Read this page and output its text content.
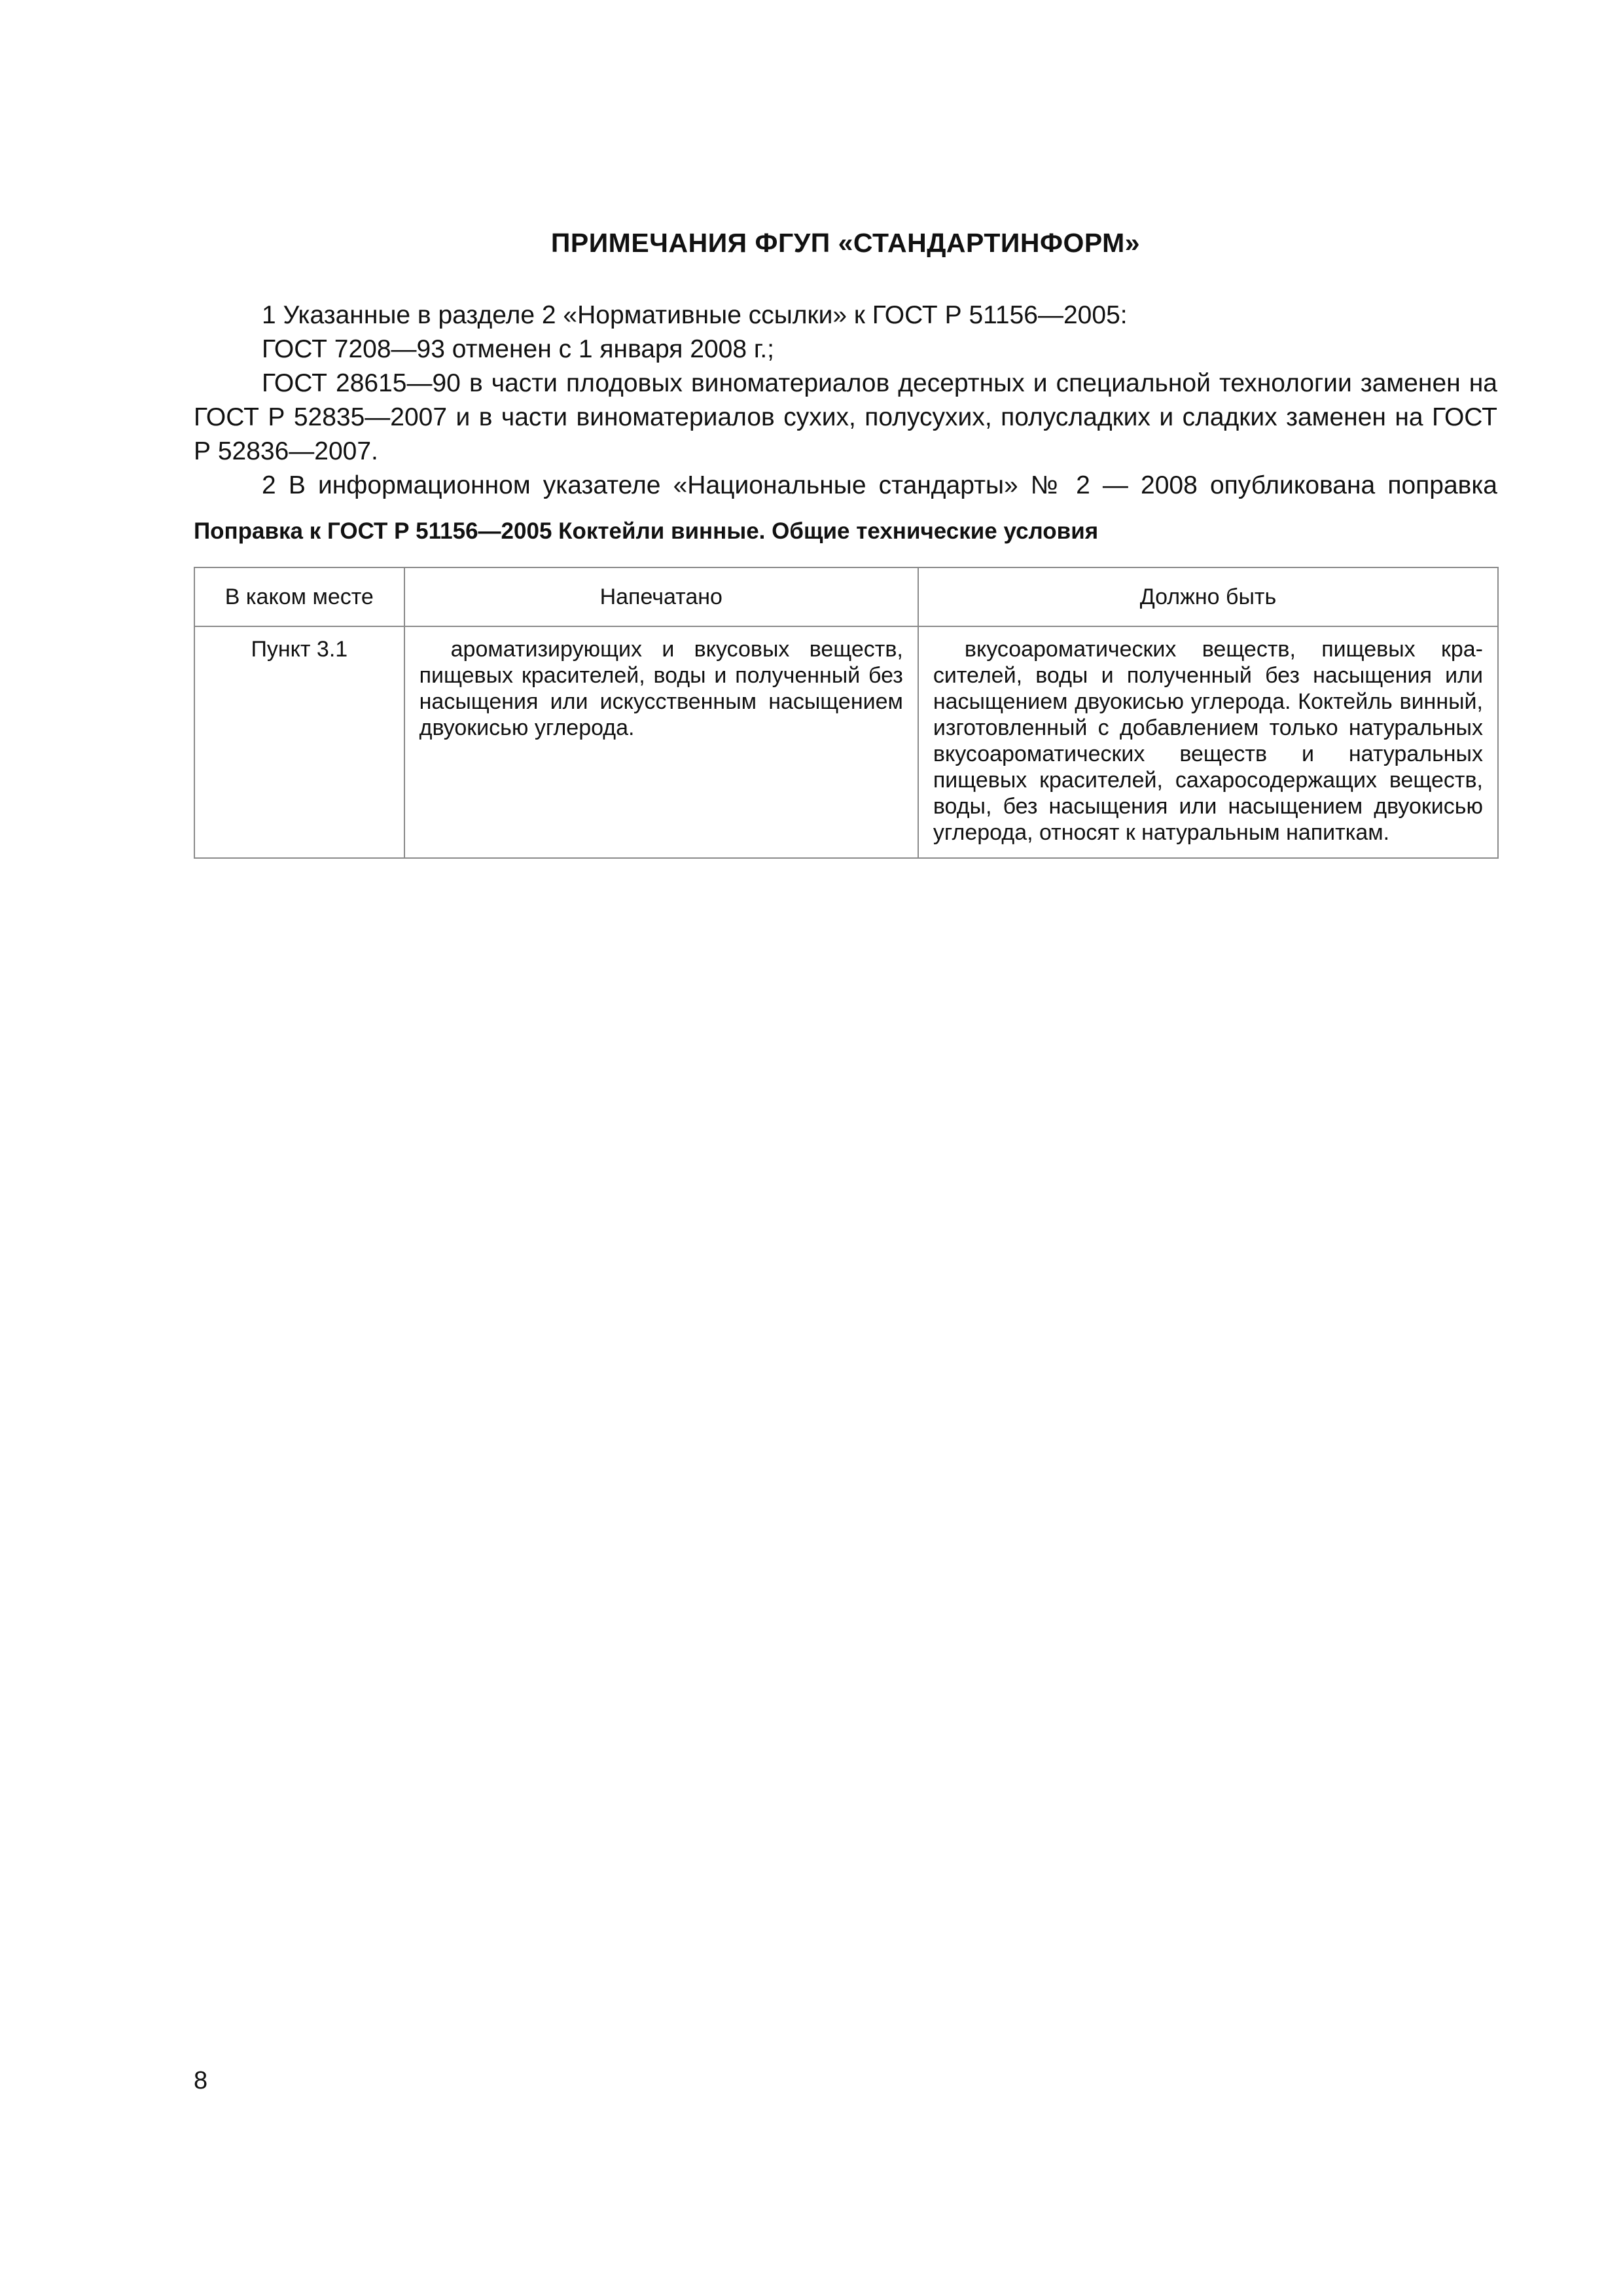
ПРИМЕЧАНИЯ ФГУП «СТАНДАРТИНФОРМ»

1 Указанные в разделе 2 «Нормативные ссылки» к ГОСТ Р 51156—2005:

ГОСТ 7208—93 отменен с 1 января 2008 г.;

ГОСТ 28615—90 в части плодовых виноматериалов десертных и специальной технологии заменен на ГОСТ Р 52835—2007 и в части виноматериалов сухих, полусухих, полусладких и сладких заменен на ГОСТ Р 52836—2007.

2 В информационном указателе «Национальные стандарты» № 2 — 2008 опубликована поправка

Поправка к ГОСТ Р 51156—2005 Коктейли винные. Общие технические условия
В каком месте	Напечатано	Должно быть
Пункт 3.1	ароматизирующих и вкусовых веществ, пищевых красителей, воды и полученный без насыщения или искусственным насыщением двуокисью углерода.	вкусоароматических веществ, пищевых красителей, воды и полученный без насыщения или насыщением двуокисью углерода. Коктейль винный, изготовленный с добавлением только натуральных вкусоароматических веществ и натуральных пищевых красителей, сахаросодержащих веществ, воды, без насыщения или насыщением двуокисью углерода, относят к натуральным напиткам.
8
